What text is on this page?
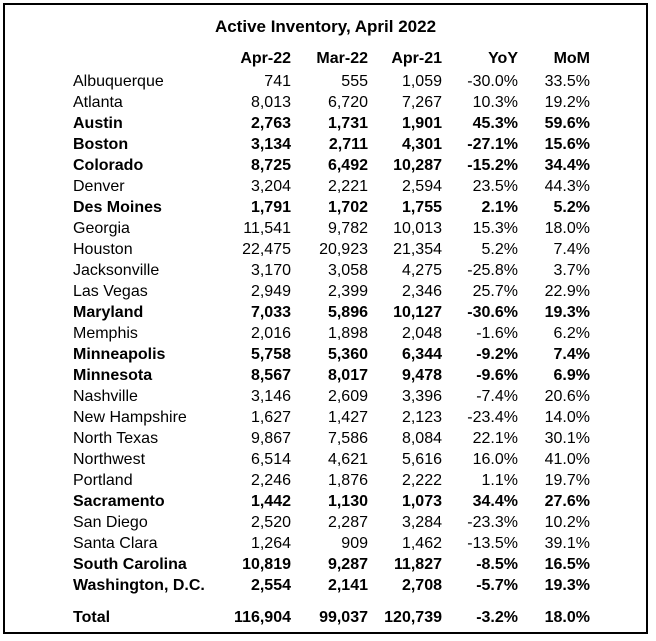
Active Inventory, April 2022
	Apr-22	Mar-22	Apr-21	YoY	MoM
Albuquerque	741	555	1,059	-30.0%	33.5%
Atlanta	8,013	6,720	7,267	10.3%	19.2%
Austin	2,763	1,731	1,901	45.3%	59.6%
Boston	3,134	2,711	4,301	-27.1%	15.6%
Colorado	8,725	6,492	10,287	-15.2%	34.4%
Denver	3,204	2,221	2,594	23.5%	44.3%
Des Moines	1,791	1,702	1,755	2.1%	5.2%
Georgia	11,541	9,782	10,013	15.3%	18.0%
Houston	22,475	20,923	21,354	5.2%	7.4%
Jacksonville	3,170	3,058	4,275	-25.8%	3.7%
Las Vegas	2,949	2,399	2,346	25.7%	22.9%
Maryland	7,033	5,896	10,127	-30.6%	19.3%
Memphis	2,016	1,898	2,048	-1.6%	6.2%
Minneapolis	5,758	5,360	6,344	-9.2%	7.4%
Minnesota	8,567	8,017	9,478	-9.6%	6.9%
Nashville	3,146	2,609	3,396	-7.4%	20.6%
New Hampshire	1,627	1,427	2,123	-23.4%	14.0%
North Texas	9,867	7,586	8,084	22.1%	30.1%
Northwest	6,514	4,621	5,616	16.0%	41.0%
Portland	2,246	1,876	2,222	1.1%	19.7%
Sacramento	1,442	1,130	1,073	34.4%	27.6%
San Diego	2,520	2,287	3,284	-23.3%	10.2%
Santa Clara	1,264	909	1,462	-13.5%	39.1%
South Carolina	10,819	9,287	11,827	-8.5%	16.5%
Washington, D.C.	2,554	2,141	2,708	-5.7%	19.3%

Total	116,904	99,037	120,739	-3.2%	18.0%
